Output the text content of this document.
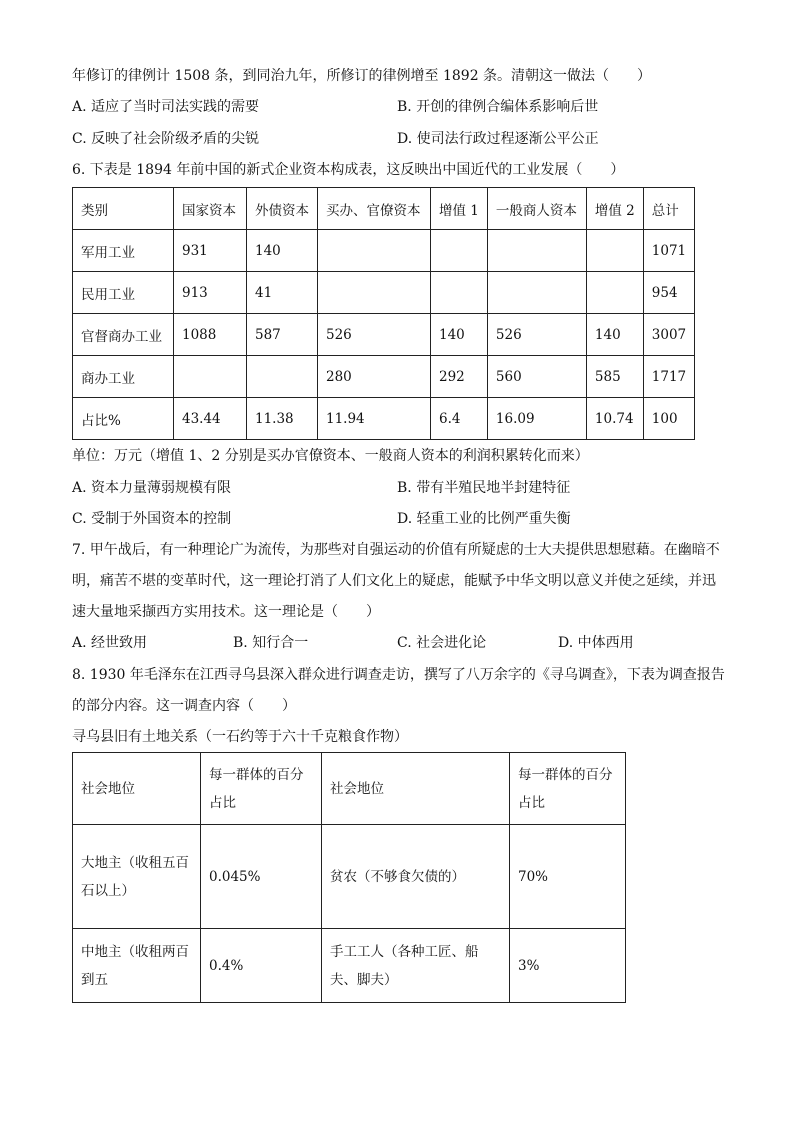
年修订的律例计 1508 条，到同治九年，所修订的律例增至 1892 条。清朝这一做法（　　）
A. 适应了当时司法实践的需要	B. 开创的律例合编体系影响后世
C. 反映了社会阶级矛盾的尖锐	D. 使司法行政过程逐渐公平公正
6. 下表是 1894 年前中国的新式企业资本构成表，这反映出中国近代的工业发展（　　）
类别	国家资本	外债资本	买办、官僚资本	增值 1	一般商人资本	增值 2	总计
军用工业	931	140					1071
民用工业	913	41					954
官督商办工业	1088	587	526	140	526	140	3007
商办工业			280	292	560	585	1717
占比%	43.44	11.38	11.94	6.4	16.09	10.74	100
单位：万元（增值 1、2 分别是买办官僚资本、一般商人资本的利润积累转化而来）
A. 资本力量薄弱规模有限	B. 带有半殖民地半封建特征
C. 受制于外国资本的控制	D. 轻重工业的比例严重失衡
7. 甲午战后，有一种理论广为流传，为那些对自强运动的价值有所疑虑的士大夫提供思想慰藉。在幽暗不
明，痛苦不堪的变革时代，这一理论打消了人们文化上的疑虑，能赋予中华文明以意义并使之延续，并迅
速大量地采撷西方实用技术。这一理论是（　　）
A. 经世致用	B. 知行合一	C. 社会进化论	D. 中体西用
8. 1930 年毛泽东在江西寻乌县深入群众进行调查走访，撰写了八万余字的《寻乌调查》，下表为调查报告
的部分内容。这一调查内容（　　）
寻乌县旧有土地关系（一石约等于六十千克粮食作物）
社会地位	每一群体的百分占比	社会地位	每一群体的百分占比
大地主（收租五百石以上）	0.045%	贫农（不够食欠债的）	70%
中地主（收租两百到五	0.4%	手工工人（各种工匠、船夫、脚夫）	3%
